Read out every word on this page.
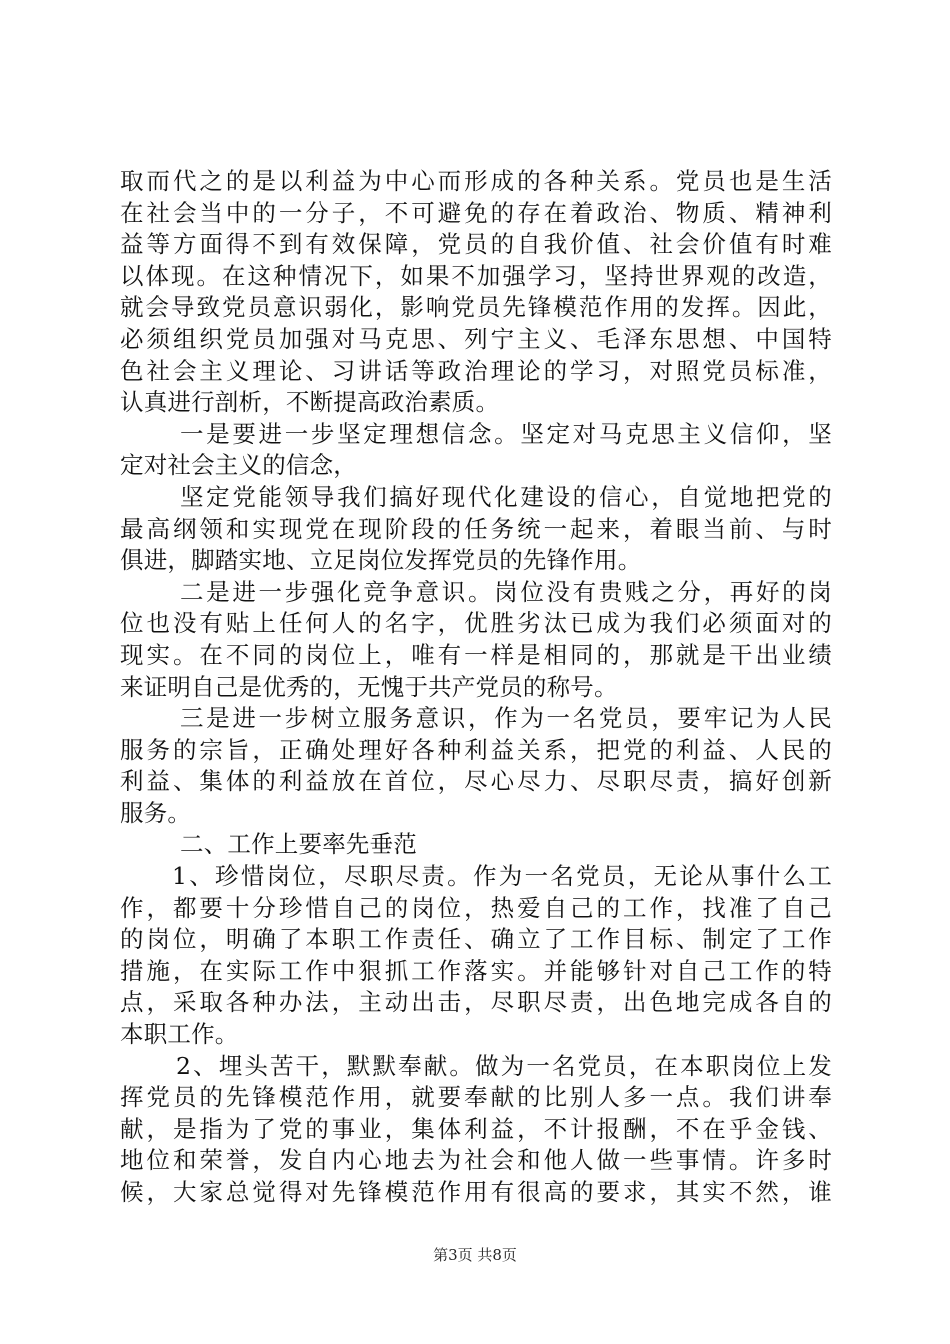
取而代之的是以利益为中心而形成的各种关系。党员也是生活
在社会当中的一分子，不可避免的存在着政治、物质、精神利
益等方面得不到有效保障，党员的自我价值、社会价值有时难
以体现。在这种情况下，如果不加强学习，坚持世界观的改造，
就会导致党员意识弱化，影响党员先锋模范作用的发挥。因此，
必须组织党员加强对马克思、列宁主义、毛泽东思想、中国特
色社会主义理论、习讲话等政治理论的学习，对照党员标准，
认真进行剖析，不断提高政治素质。
一是要进一步坚定理想信念。坚定对马克思主义信仰，坚
定对社会主义的信念，
坚定党能领导我们搞好现代化建设的信心，自觉地把党的
最高纲领和实现党在现阶段的任务统一起来，着眼当前、与时
俱进，脚踏实地、立足岗位发挥党员的先锋作用。
二是进一步强化竞争意识。岗位没有贵贱之分，再好的岗
位也没有贴上任何人的名字，优胜劣汰已成为我们必须面对的
现实。在不同的岗位上，唯有一样是相同的，那就是干出业绩
来证明自己是优秀的，无愧于共产党员的称号。
三是进一步树立服务意识，作为一名党员，要牢记为人民
服务的宗旨，正确处理好各种利益关系，把党的利益、人民的
利益、集体的利益放在首位，尽心尽力、尽职尽责，搞好创新
服务。
二、工作上要率先垂范
1、珍惜岗位，尽职尽责。作为一名党员，无论从事什么工
作，都要十分珍惜自己的岗位，热爱自己的工作，找准了自己
的岗位，明确了本职工作责任、确立了工作目标、制定了工作
措施，在实际工作中狠抓工作落实。并能够针对自己工作的特
点，采取各种办法，主动出击，尽职尽责，出色地完成各自的
本职工作。
2、埋头苦干，默默奉献。做为一名党员，在本职岗位上发
挥党员的先锋模范作用，就要奉献的比别人多一点。我们讲奉
献，是指为了党的事业，集体利益，不计报酬，不在乎金钱、
地位和荣誉，发自内心地去为社会和他人做一些事情。许多时
候，大家总觉得对先锋模范作用有很高的要求，其实不然，谁
第3页 共8页
